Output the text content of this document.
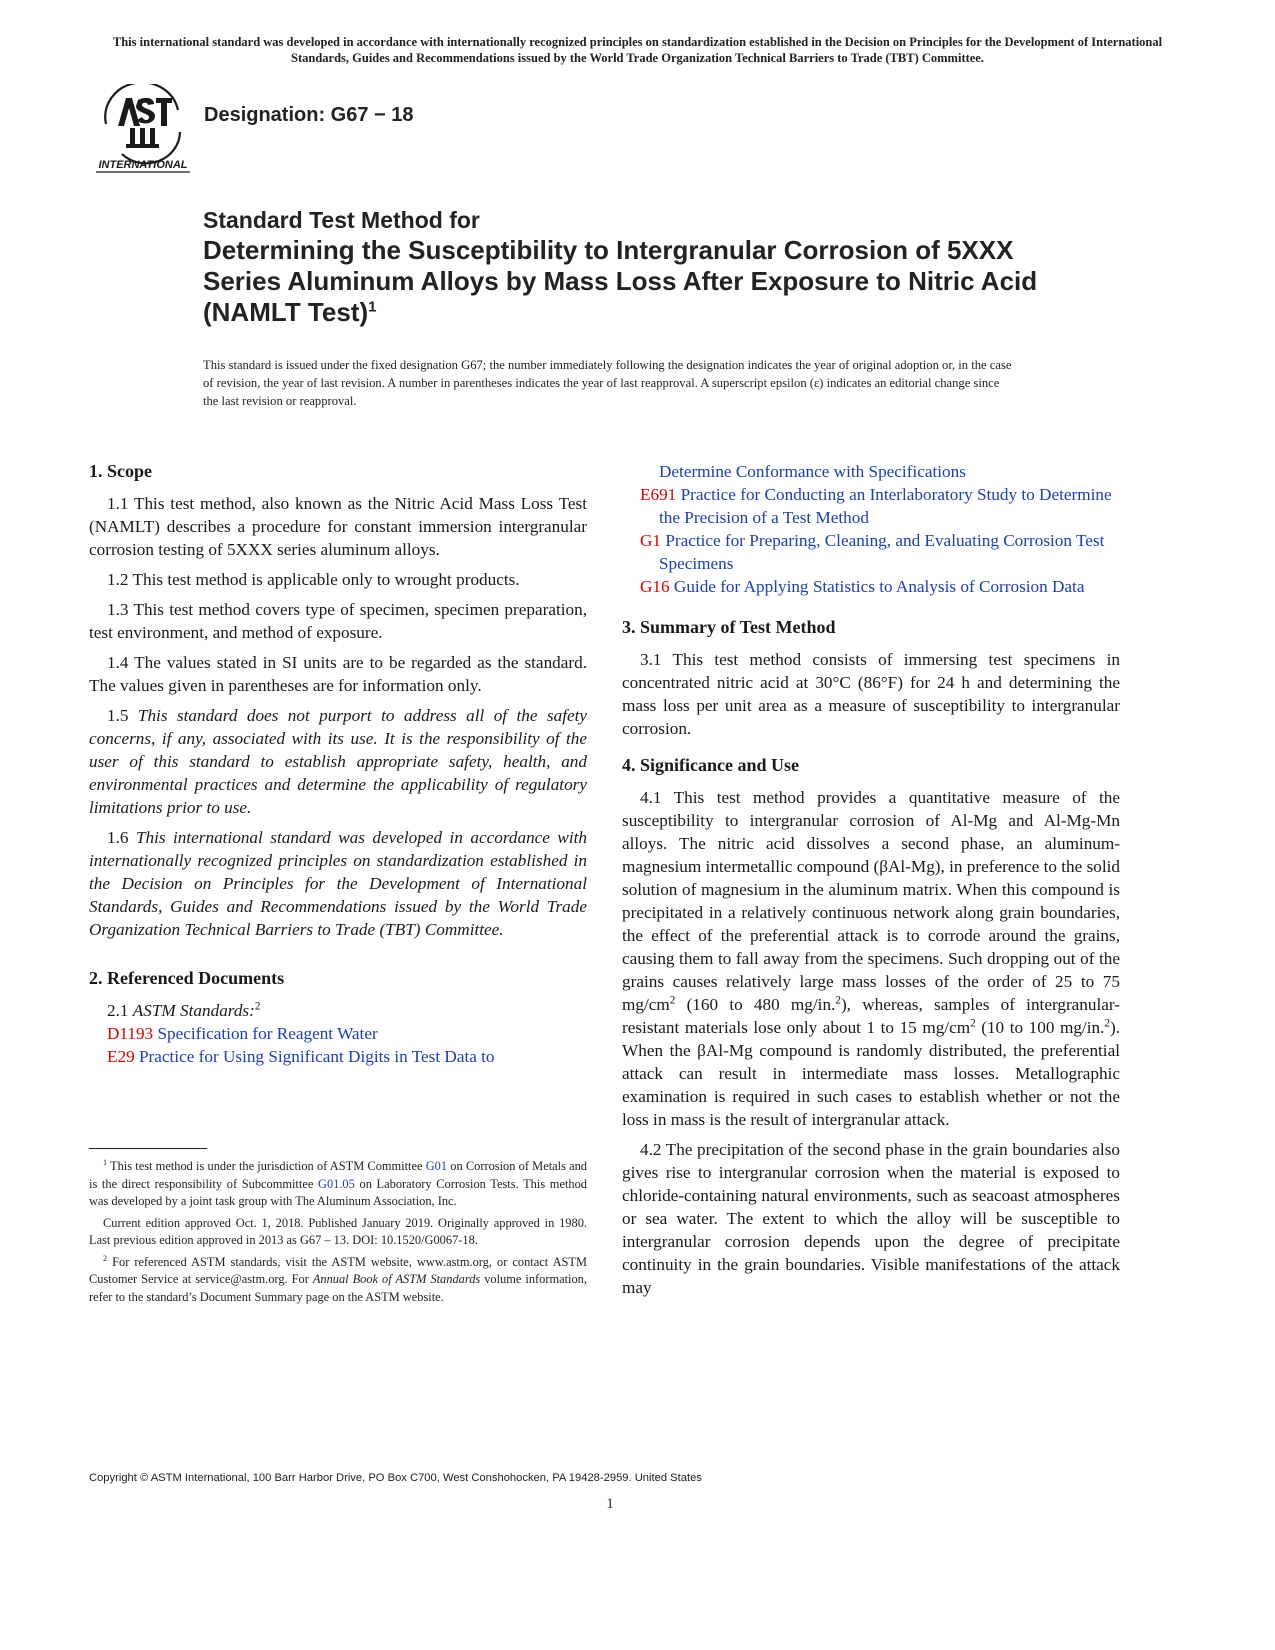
This international standard was developed in accordance with internationally recognized principles on standardization established in the Decision on Principles for the Development of International Standards, Guides and Recommendations issued by the World Trade Organization Technical Barriers to Trade (TBT) Committee.
INTERNATIONAL
Designation: G67 − 18
Standard Test Method for
Determining the Susceptibility to Intergranular Corrosion of 5XXX Series Aluminum Alloys by Mass Loss After Exposure to Nitric Acid (NAMLT Test)$^1$
This standard is issued under the fixed designation G67; the number immediately following the designation indicates the year of original adoption or, in the case of revision, the year of last revision. A number in parentheses indicates the year of last reapproval. A superscript epsilon (ε) indicates an editorial change since the last revision or reapproval.
1. Scope
1.1 This test method, also known as the Nitric Acid Mass Loss Test (NAMLT) describes a procedure for constant immersion intergranular corrosion testing of 5XXX series aluminum alloys.
1.2 This test method is applicable only to wrought products.
1.3 This test method covers type of specimen, specimen preparation, test environment, and method of exposure.
1.4 The values stated in SI units are to be regarded as the standard. The values given in parentheses are for information only.
1.5 This standard does not purport to address all of the safety concerns, if any, associated with its use. It is the responsibility of the user of this standard to establish appropriate safety, health, and environmental practices and determine the applicability of regulatory limitations prior to use.
1.6 This international standard was developed in accordance with internationally recognized principles on standardization established in the Decision on Principles for the Development of International Standards, Guides and Recommendations issued by the World Trade Organization Technical Barriers to Trade (TBT) Committee.
2. Referenced Documents
2.1 ASTM Standards:$^2$
D1193 Specification for Reagent Water
E29 Practice for Using Significant Digits in Test Data to
Determine Conformance with Specifications
E691 Practice for Conducting an Interlaboratory Study to Determine the Precision of a Test Method
G1 Practice for Preparing, Cleaning, and Evaluating Corrosion Test Specimens
G16 Guide for Applying Statistics to Analysis of Corrosion Data
3. Summary of Test Method
3.1 This test method consists of immersing test specimens in concentrated nitric acid at 30°C (86°F) for 24 h and determining the mass loss per unit area as a measure of susceptibility to intergranular corrosion.
4. Significance and Use
4.1 This test method provides a quantitative measure of the susceptibility to intergranular corrosion of Al-Mg and Al-Mg-Mn alloys. The nitric acid dissolves a second phase, an aluminum-magnesium intermetallic compound (βAl-Mg), in preference to the solid solution of magnesium in the aluminum matrix. When this compound is precipitated in a relatively continuous network along grain boundaries, the effect of the preferential attack is to corrode around the grains, causing them to fall away from the specimens. Such dropping out of the grains causes relatively large mass losses of the order of 25 to 75 $mg/cm^2$ (160 to 480 mg/in.$^2$), whereas, samples of intergranular-resistant materials lose only about 1 to 15 $mg/cm^2$ (10 to 100 mg/in.$^2$). When the βAl-Mg compound is randomly distributed, the preferential attack can result in intermediate mass losses. Metallographic examination is required in such cases to establish whether or not the loss in mass is the result of intergranular attack.
4.2 The precipitation of the second phase in the grain boundaries also gives rise to intergranular corrosion when the material is exposed to chloride-containing natural environments, such as seacoast atmospheres or sea water. The extent to which the alloy will be susceptible to intergranular corrosion depends upon the degree of precipitate continuity in the grain boundaries. Visible manifestations of the attack may
$^1$ This test method is under the jurisdiction of ASTM Committee G01 on Corrosion of Metals and is the direct responsibility of Subcommittee G01.05 on Laboratory Corrosion Tests. This method was developed by a joint task group with The Aluminum Association, Inc.
Current edition approved Oct. 1, 2018. Published January 2019. Originally approved in 1980. Last previous edition approved in 2013 as G67 – 13. DOI: 10.1520/G0067-18.
$^2$ For referenced ASTM standards, visit the ASTM website, www.astm.org, or contact ASTM Customer Service at service@astm.org. For Annual Book of ASTM Standards volume information, refer to the standard’s Document Summary page on the ASTM website.
Copyright © ASTM International, 100 Barr Harbor Drive, PO Box C700, West Conshohocken, PA 19428-2959. United States
1
